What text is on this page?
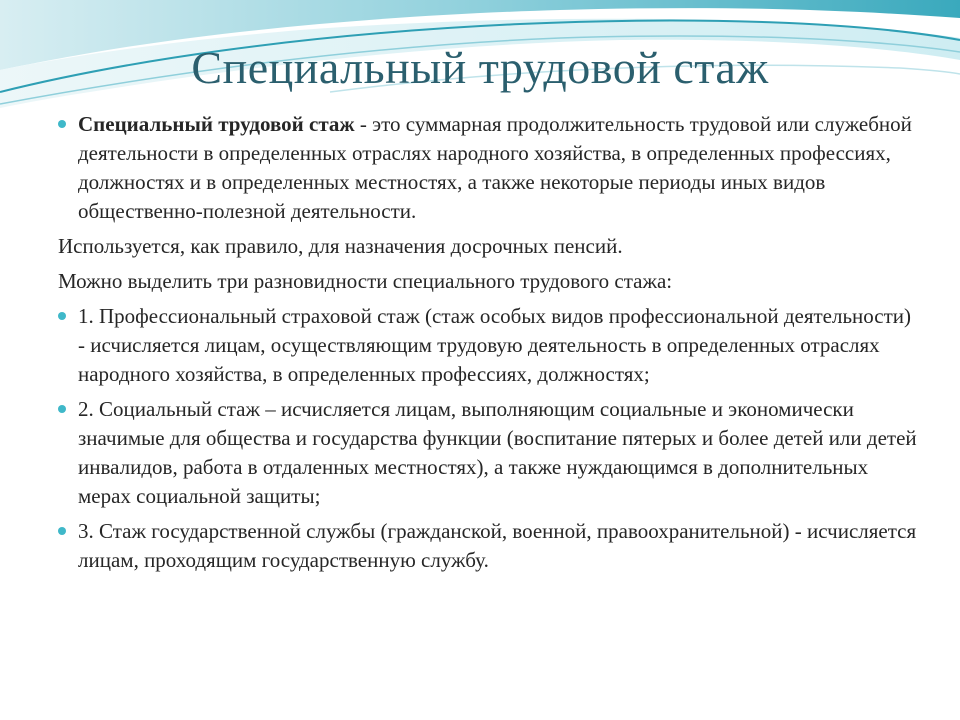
Специальный трудовой стаж

Специальный трудовой стаж - это суммарная продолжительность трудовой или служебной деятельности в определенных отраслях народного хозяйства, в определенных профессиях, должностях и в определенных местностях, а также некоторые периоды иных видов общественно-полезной деятельности.

Используется, как правило, для назначения досрочных пенсий.

Можно выделить три разновидности специального трудового стажа:

1. Профессиональный страховой стаж (стаж особых видов профессиональной деятельности) - исчисляется лицам, осуществляющим трудовую деятельность в определенных отраслях народного хозяйства, в определенных профессиях, должностях;

2. Социальный стаж – исчисляется лицам, выполняющим социальные и экономически значимые для общества и государства функции (воспитание пятерых и более детей или детей инвалидов, работа в отдаленных местностях), а также нуждающимся в дополнительных мерах социальной защиты;

3. Стаж государственной службы (гражданской, военной, правоохранительной) - исчисляется лицам, проходящим государственную службу.
